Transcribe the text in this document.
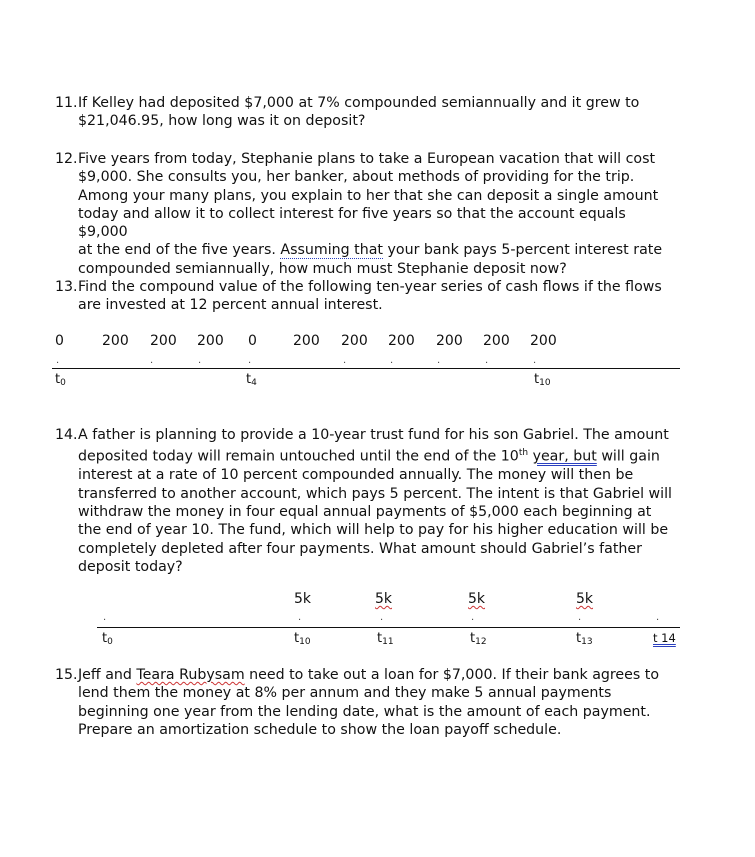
11.If Kelley had deposited $7,000 at 7% compounded semiannually and it grew to
$21,046.95, how long was it on deposit?
12.Five years from today, Stephanie plans to take a European vacation that will cost
$9,000. She consults you, her banker, about methods of providing for the trip.
Among your many plans, you explain to her that she can deposit a single amount
today and allow it to collect interest for five years so that the account equals $9,000
at the end of the five years. Assuming that your bank pays 5-percent interest rate
compounded semiannually, how much must Stephanie deposit now?
13.Find the compound value of the following ten-year series of cash flows if the flows
are invested at 12 percent annual interest.
0	200 200 200 0	200 200 200 200 200 200
.	.	.	.	.	.	.	.	.
$t_0$	$t_4$	$t_{10}$
14.A father is planning to provide a 10-year trust fund for his son Gabriel. The amount
deposited today will remain untouched until the end of the 10th year, but will gain
interest at a rate of 10 percent compounded annually. The money will then be
transferred to another account, which pays 5 percent. The intent is that Gabriel will
withdraw the money in four equal annual payments of $5,000 each beginning at
the end of year 10. The fund, which will help to pay for his higher education will be
completely depleted after four payments. What amount should Gabriel’s father
deposit today?
5k	5k	5k	5k
.	.	.	.	.	.
$t_0$	$t_{10}$	$t_{11}$	$t_{12}$	$t_{13}$	t 14
15.Jeff and Teara Rubysam need to take out a loan for $7,000. If their bank agrees to
lend them the money at 8% per annum and they make 5 annual payments
beginning one year from the lending date, what is the amount of each payment.
Prepare an amortization schedule to show the loan payoff schedule.
